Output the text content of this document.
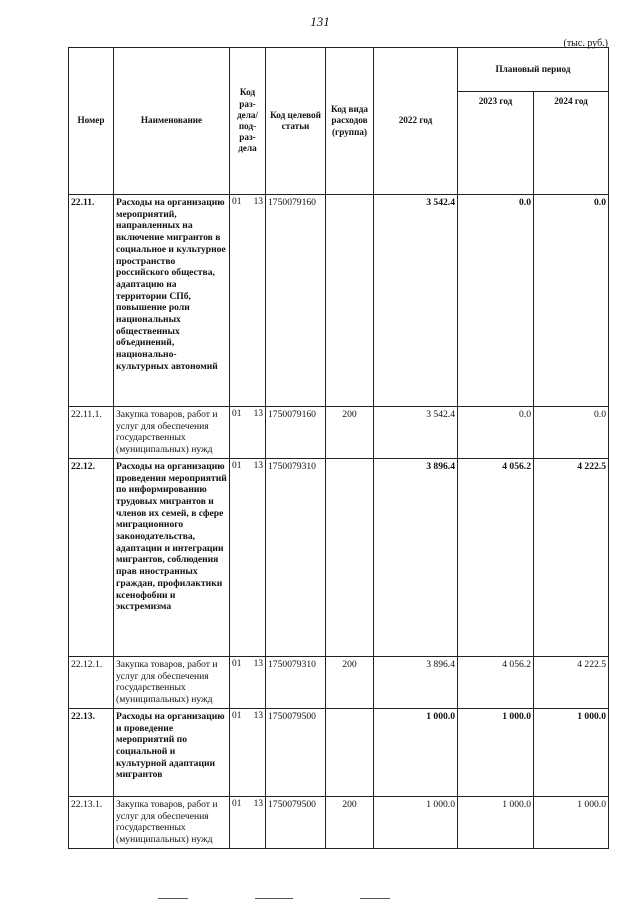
131
(тыс. руб.)
Номер	Наименование	Код раз-дела/ под-раз-дела	Код целевой статьи	Код вида расходов (группа)	2022 год	Плановый период	
						2023 год	2024 год
22.11.	Расходы на организацию мероприятий, направленных на включение мигрантов в социальное и культурное пространство российского общества, адаптацию на территории СПб, повышение роли национальных общественных объединений, национально-культурных автономий	01 13	1750079160		3 542.4	0.0	0.0
22.11.1.	Закупка товаров, работ и услуг для обеспечения государственных (муниципальных) нужд	01 13	1750079160	200	3 542.4	0.0	0.0
22.12.	Расходы на организацию проведения мероприятий по информированию трудовых мигрантов и членов их семей, в сфере миграционного законодательства, адаптации и интеграции мигрантов, соблюдения прав иностранных граждан, профилактики ксенофобии и экстремизма	01 13	1750079310		3 896.4	4 056.2	4 222.5
22.12.1.	Закупка товаров, работ и услуг для обеспечения государственных (муниципальных) нужд	01 13	1750079310	200	3 896.4	4 056.2	4 222.5
22.13.	Расходы на организацию и проведение мероприятий по социальной и культурной адаптации мигрантов	01 13	1750079500		1 000.0	1 000.0	1 000.0
22.13.1.	Закупка товаров, работ и услуг для обеспечения государственных (муниципальных) нужд	01 13	1750079500	200	1 000.0	1 000.0	1 000.0
